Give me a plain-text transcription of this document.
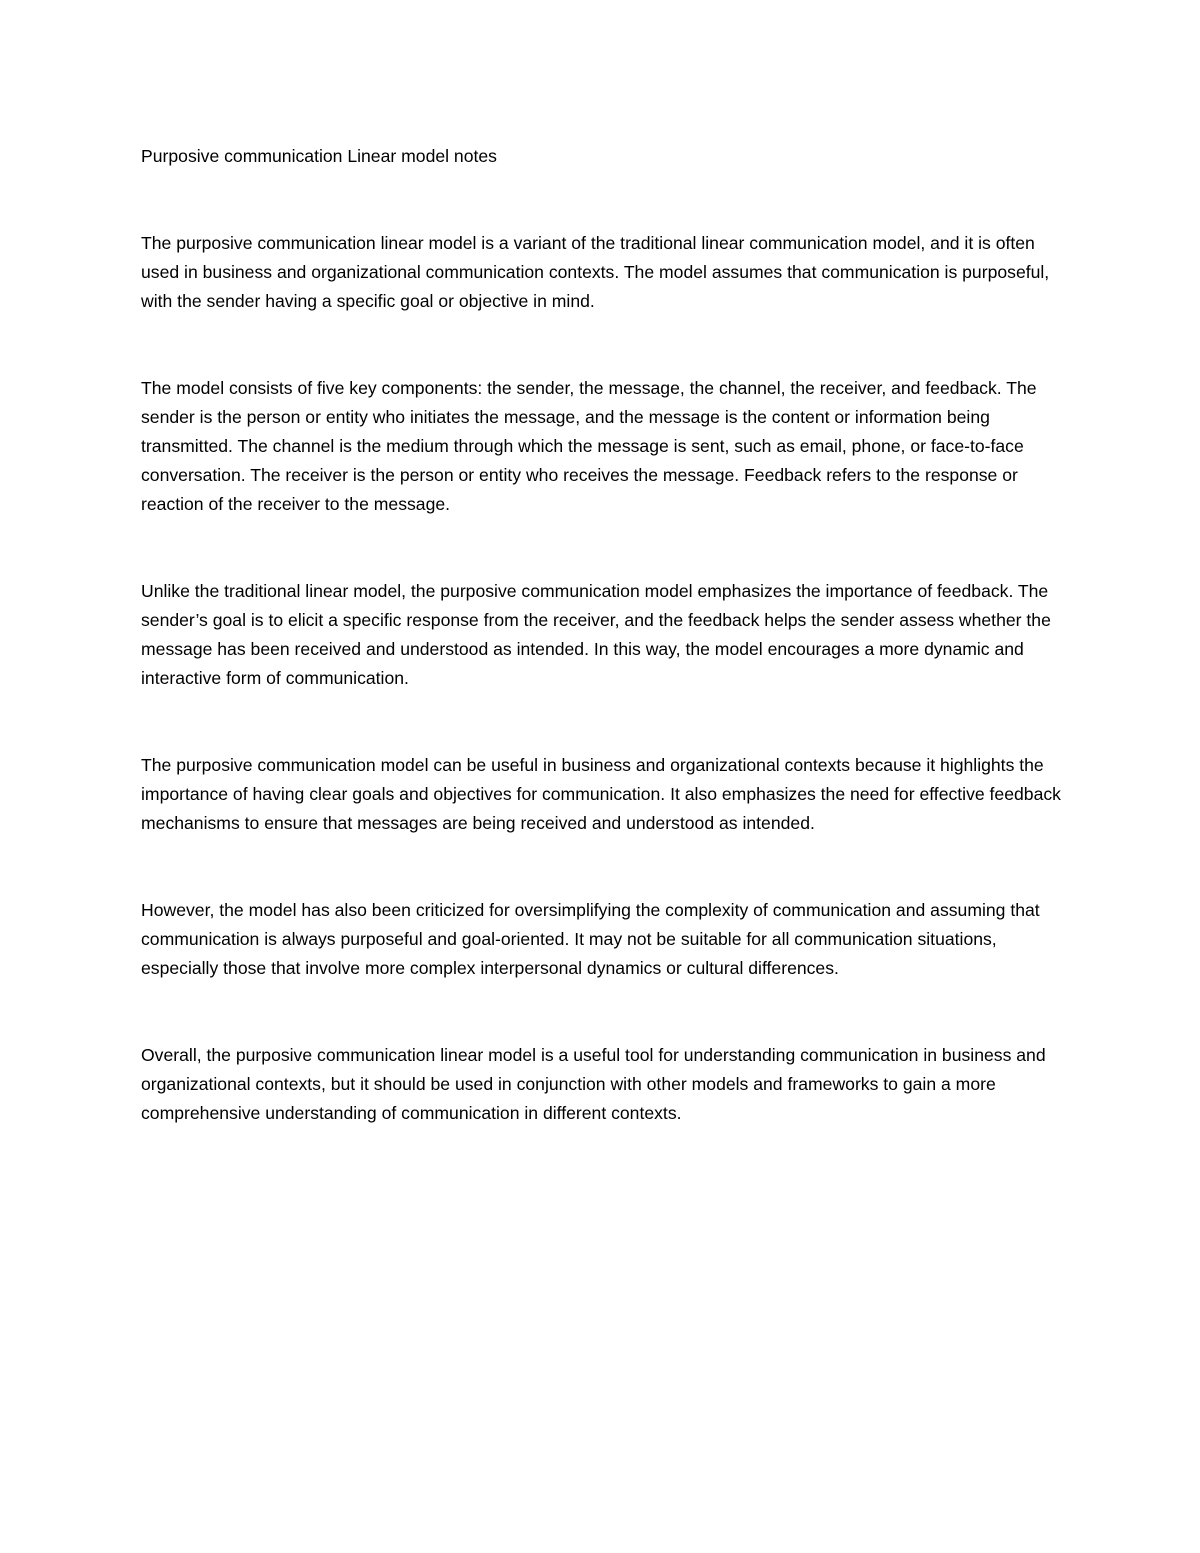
Purposive communication Linear model notes

The purposive communication linear model is a variant of the traditional linear communication model, and it is often used in business and organizational communication contexts. The model assumes that communication is purposeful, with the sender having a specific goal or objective in mind.

The model consists of five key components: the sender, the message, the channel, the receiver, and feedback. The sender is the person or entity who initiates the message, and the message is the content or information being transmitted. The channel is the medium through which the message is sent, such as email, phone, or face-to-face conversation. The receiver is the person or entity who receives the message. Feedback refers to the response or reaction of the receiver to the message.

Unlike the traditional linear model, the purposive communication model emphasizes the importance of feedback. The sender’s goal is to elicit a specific response from the receiver, and the feedback helps the sender assess whether the message has been received and understood as intended. In this way, the model encourages a more dynamic and interactive form of communication.

The purposive communication model can be useful in business and organizational contexts because it highlights the importance of having clear goals and objectives for communication. It also emphasizes the need for effective feedback mechanisms to ensure that messages are being received and understood as intended.

However, the model has also been criticized for oversimplifying the complexity of communication and assuming that communication is always purposeful and goal-oriented. It may not be suitable for all communication situations, especially those that involve more complex interpersonal dynamics or cultural differences.

Overall, the purposive communication linear model is a useful tool for understanding communication in business and organizational contexts, but it should be used in conjunction with other models and frameworks to gain a more comprehensive understanding of communication in different contexts.
